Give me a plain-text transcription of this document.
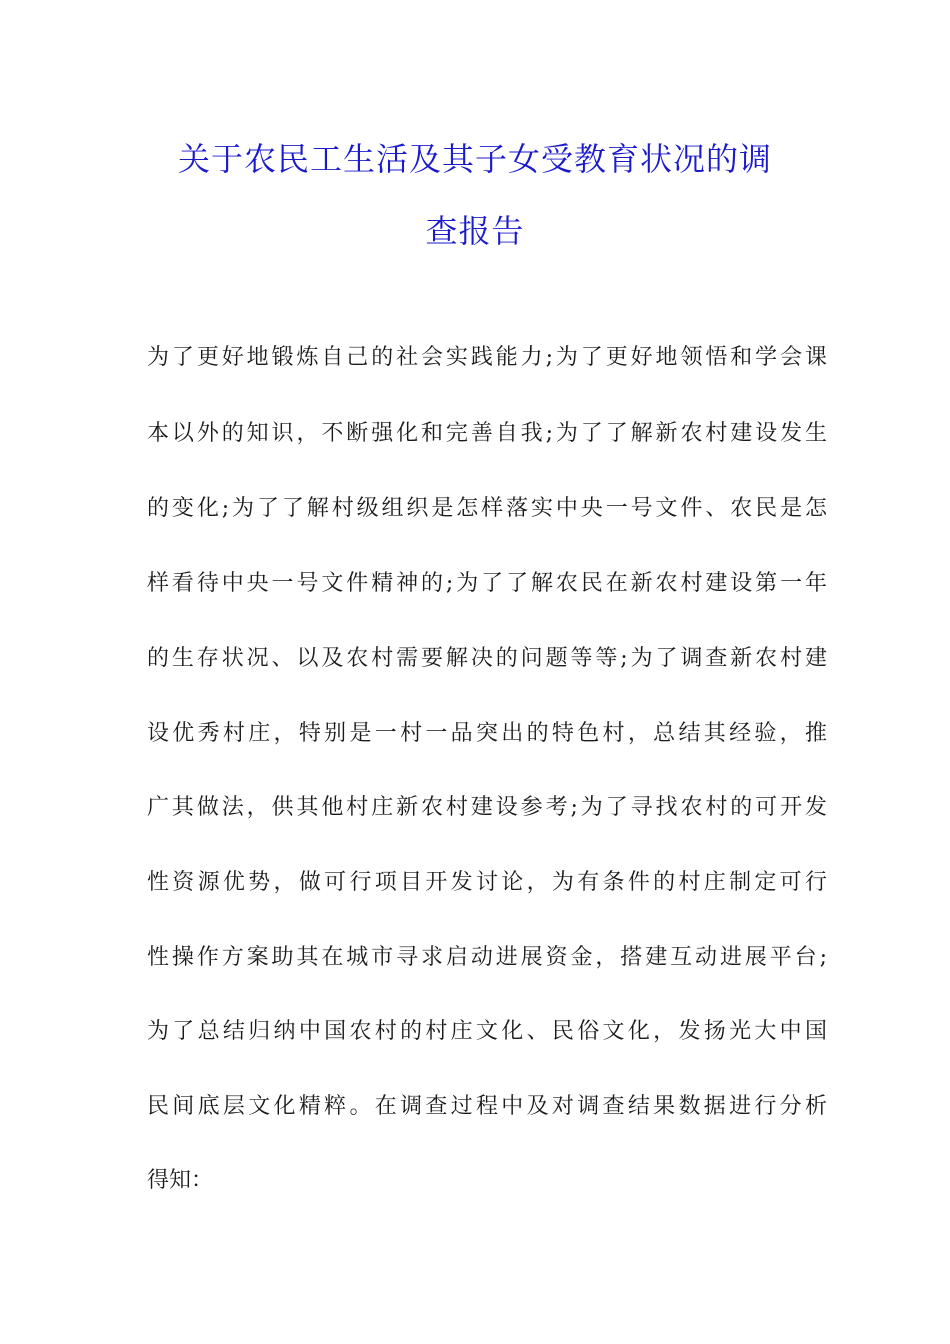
关于农民工生活及其子女受教育状况的调
查报告
为了更好地锻炼自己的社会实践能力;为了更好地领悟和学会课
本以外的知识，不断强化和完善自我;为了了解新农村建设发生
的变化;为了了解村级组织是怎样落实中央一号文件、农民是怎
样看待中央一号文件精神的;为了了解农民在新农村建设第一年
的生存状况、以及农村需要解决的问题等等;为了调查新农村建
设优秀村庄，特别是一村一品突出的特色村，总结其经验，推
广其做法，供其他村庄新农村建设参考;为了寻找农村的可开发
性资源优势，做可行项目开发讨论，为有条件的村庄制定可行
性操作方案助其在城市寻求启动进展资金，搭建互动进展平台;
为了总结归纳中国农村的村庄文化、民俗文化，发扬光大中国
民间底层文化精粹。在调查过程中及对调查结果数据进行分析
得知：
